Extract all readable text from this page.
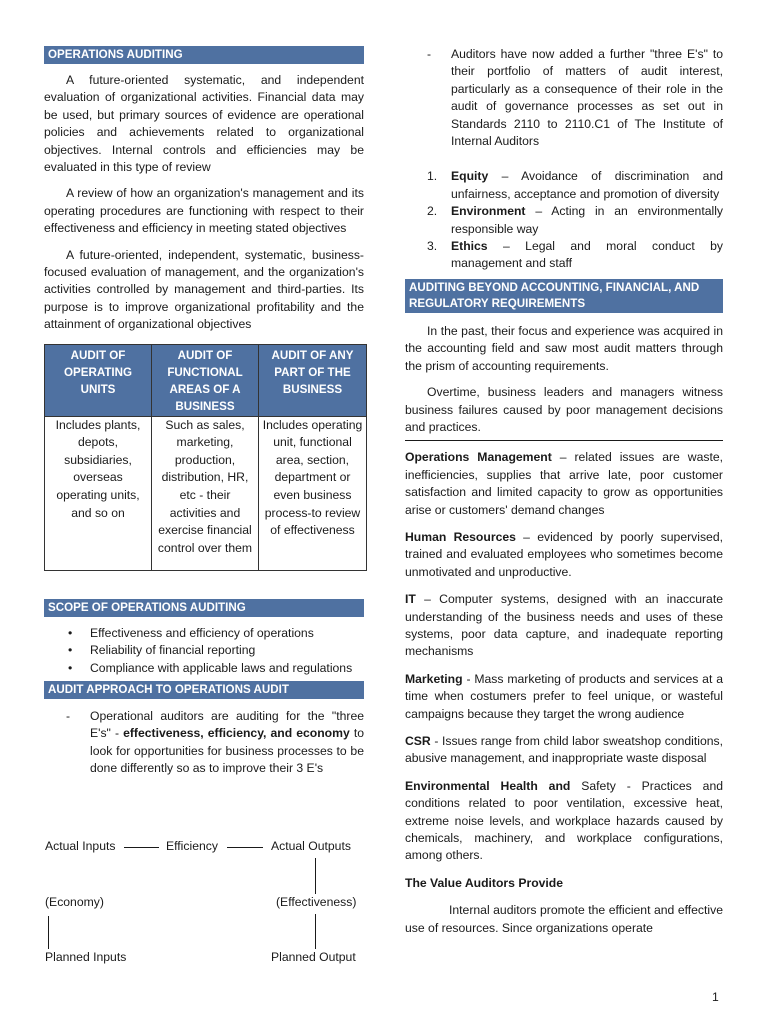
OPERATIONS AUDITING

A future-oriented systematic, and independent evaluation of organizational activities. Financial data may be used, but primary sources of evidence are operational policies and achievements related to organizational objectives. Internal controls and efficiencies may be evaluated in this type of review

A review of how an organization's management and its operating procedures are functioning with respect to their effectiveness and efficiency in meeting stated objectives

A future-oriented, independent, systematic, business-focused evaluation of management, and the organization's activities controlled by management and third-parties. Its purpose is to improve organizational profitability and the attainment of organizational objectives

AUDIT OF OPERATING UNITS	AUDIT OF FUNCTIONAL AREAS OF A BUSINESS	AUDIT OF ANY PART OF THE BUSINESS
Includes plants, depots, subsidiaries, overseas operating units, and so on	Such as sales, marketing, production, distribution, HR, etc - their activities and exercise financial control over them	Includes operating unit, functional area, section, department or even business process-to review of effectiveness
SCOPE OF OPERATIONS AUDITING
• Effectiveness and efficiency of operations
• Reliability of financial reporting
• Compliance with applicable laws and regulations
AUDIT APPROACH TO OPERATIONS AUDIT
- Operational auditors are auditing for the "three E's" - effectiveness, efficiency, and economy to look for opportunities for business processes to be done differently so as to improve their 3 E's

Actual Inputs	Efficiency	Actual Outputs
(Economy)	(Effectiveness)
Planned Inputs	Planned Output
- Auditors have now added a further "three E's" to their portfolio of matters of audit interest, particularly as a consequence of their role in the audit of governance processes as set out in Standards 2110 to 2110.C1 of The Institute of Internal Auditors

1. Equity – Avoidance of discrimination and unfairness, acceptance and promotion of diversity

2. Environment – Acting in an environmentally responsible way

3. Ethics – Legal and moral conduct by management and staff

AUDITING BEYOND ACCOUNTING, FINANCIAL, AND REGULATORY REQUIREMENTS

In the past, their focus and experience was acquired in the accounting field and saw most audit matters through the prism of accounting requirements.

Overtime, business leaders and managers witness business failures caused by poor management decisions and practices.

Operations Management – related issues are waste, inefficiencies, supplies that arrive late, poor customer satisfaction and limited capacity to grow as opportunities arise or customers' demand changes

Human Resources – evidenced by poorly supervised, trained and evaluated employees who sometimes become unmotivated and unproductive.

IT – Computer systems, designed with an inaccurate understanding of the business needs and uses of these systems, poor data capture, and inadequate reporting mechanisms

Marketing - Mass marketing of products and services at a time when costumers prefer to feel unique, or wasteful campaigns because they target the wrong audience

CSR - Issues range from child labor sweatshop conditions, abusive management, and inappropriate waste disposal

Environmental Health and Safety - Practices and conditions related to poor ventilation, excessive heat, extreme noise levels, and workplace hazards caused by chemicals, machinery, and workplace configurations, among others.

The Value Auditors Provide

Internal auditors promote the efficient and effective use of resources. Since organizations operate

1
